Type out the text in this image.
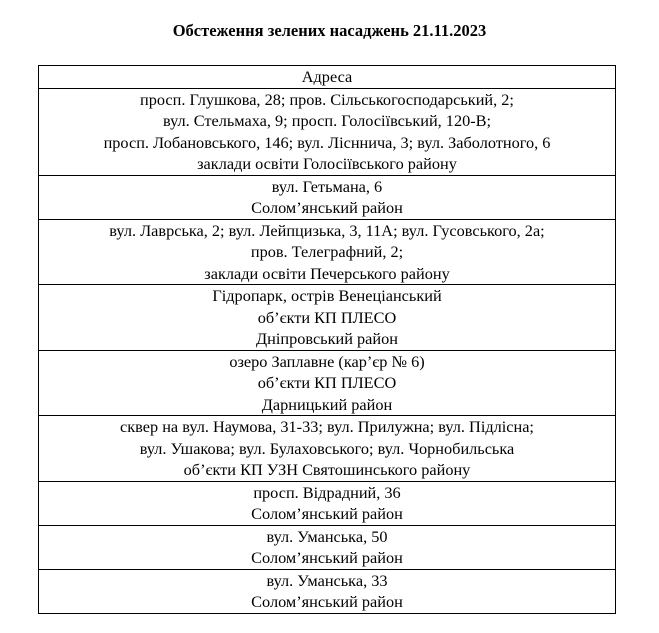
Обстеження зелених насаджень 21.11.2023
Адреса

просп. Глушкова, 28; пров. Сільськогосподарський, 2;
вул. Стельмаха, 9; просп. Голосіївський, 120-В;
просп. Лобановського, 146; вул. Лісннича, 3; вул. Заболотного, 6
заклади освіти Голосіївського району

вул. Гетьмана, 6
Солом’янський район

вул. Лаврська, 2; вул. Лейпцизька, 3, 11А; вул. Гусовського, 2а;
пров. Телеграфний, 2;
заклади освіти Печерського району

Гідропарк, острів Венеціанський
об’єкти КП ПЛЕСО
Дніпровський район

озеро Заплавне (кар’єр № 6)
об’єкти КП ПЛЕСО
Дарницький район

сквер на вул. Наумова, 31-33; вул. Прилужна; вул. Підлісна;
вул. Ушакова; вул. Булаховського; вул. Чорнобильська
об’єкти КП УЗН Святошинського району

просп. Відрадний, 36
Солом’янський район

вул. Уманська, 50
Солом’янський район

вул. Уманська, 33
Солом’янський район
